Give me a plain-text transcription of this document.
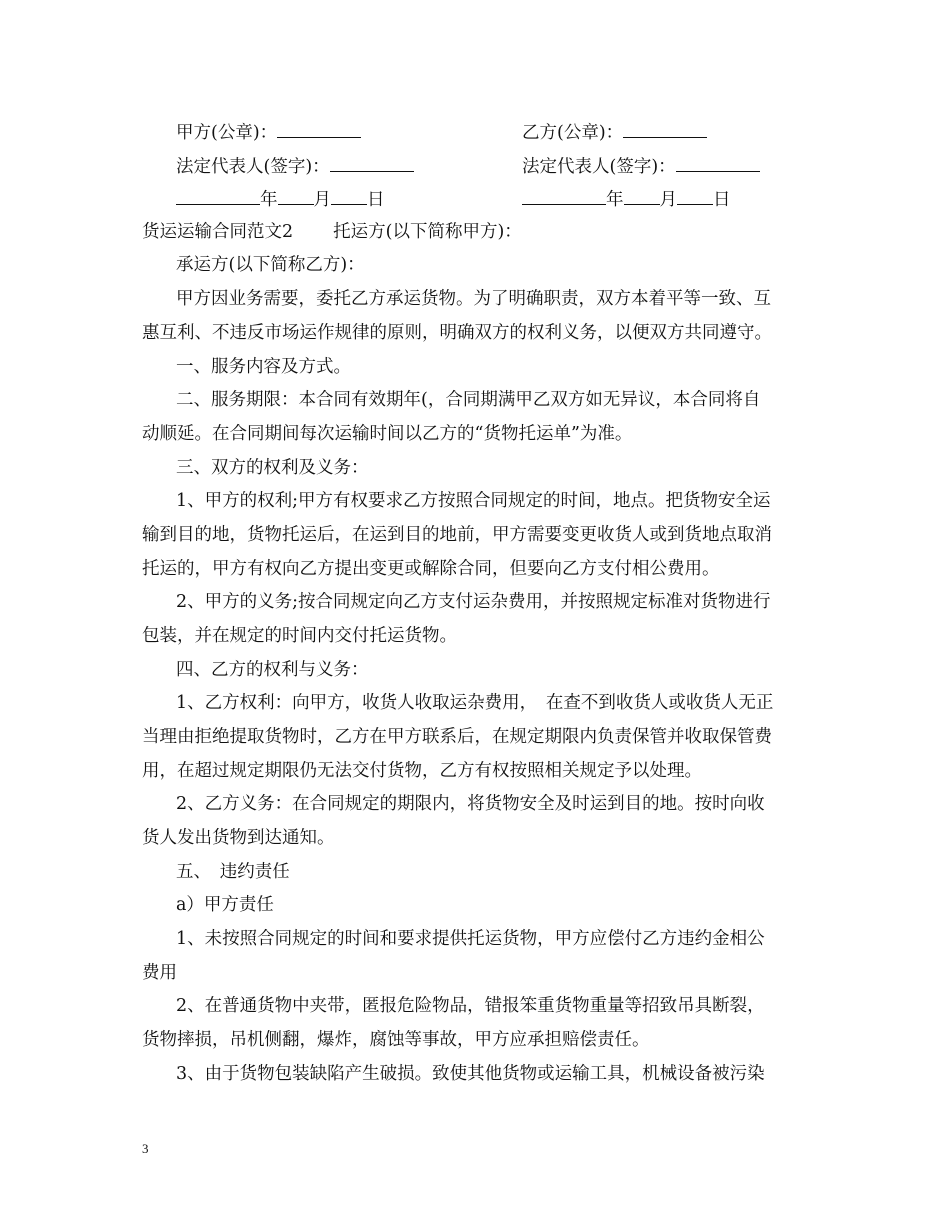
甲方(公章)：	乙方(公章)：
法定代表人(签字)：	法定代表人(签字)：
年 月 日	年 月 日
货运运输合同范文2 托运方(以下简称甲方)：
承运方(以下简称乙方)：
甲方因业务需要，委托乙方承运货物。为了明确职责，双方本着平等一致、互
惠互利、不违反市场运作规律的原则，明确双方的权利义务，以便双方共同遵守。
一、服务内容及方式。
二、服务期限：本合同有效期年(，合同期满甲乙双方如无异议，本合同将自
动顺延。在合同期间每次运输时间以乙方的“货物托运单”为准。
三、双方的权利及义务：
1、甲方的权利;甲方有权要求乙方按照合同规定的时间，地点。把货物安全运
输到目的地，货物托运后，在运到目的地前，甲方需要变更收货人或到货地点取消
托运的，甲方有权向乙方提出变更或解除合同，但要向乙方支付相公费用。
2、甲方的义务;按合同规定向乙方支付运杂费用，并按照规定标准对货物进行
包装，并在规定的时间内交付托运货物。
四、乙方的权利与义务：
1、乙方权利：向甲方，收货人收取运杂费用，　在查不到收货人或收货人无正
当理由拒绝提取货物时，乙方在甲方联系后，在规定期限内负责保管并收取保管费
用，在超过规定期限仍无法交付货物，乙方有权按照相关规定予以处理。
2、乙方义务：在合同规定的期限内，将货物安全及时运到目的地。按时向收
货人发出货物到达通知。
五、　违约责任
a）甲方责任
1、未按照合同规定的时间和要求提供托运货物，甲方应偿付乙方违约金相公
费用
2、在普通货物中夹带，匿报危险物品，错报笨重货物重量等招致吊具断裂，
货物摔损，吊机侧翻，爆炸，腐蚀等事故，甲方应承担赔偿责任。
3、由于货物包装缺陷产生破损。致使其他货物或运输工具，机械设备被污染
3
